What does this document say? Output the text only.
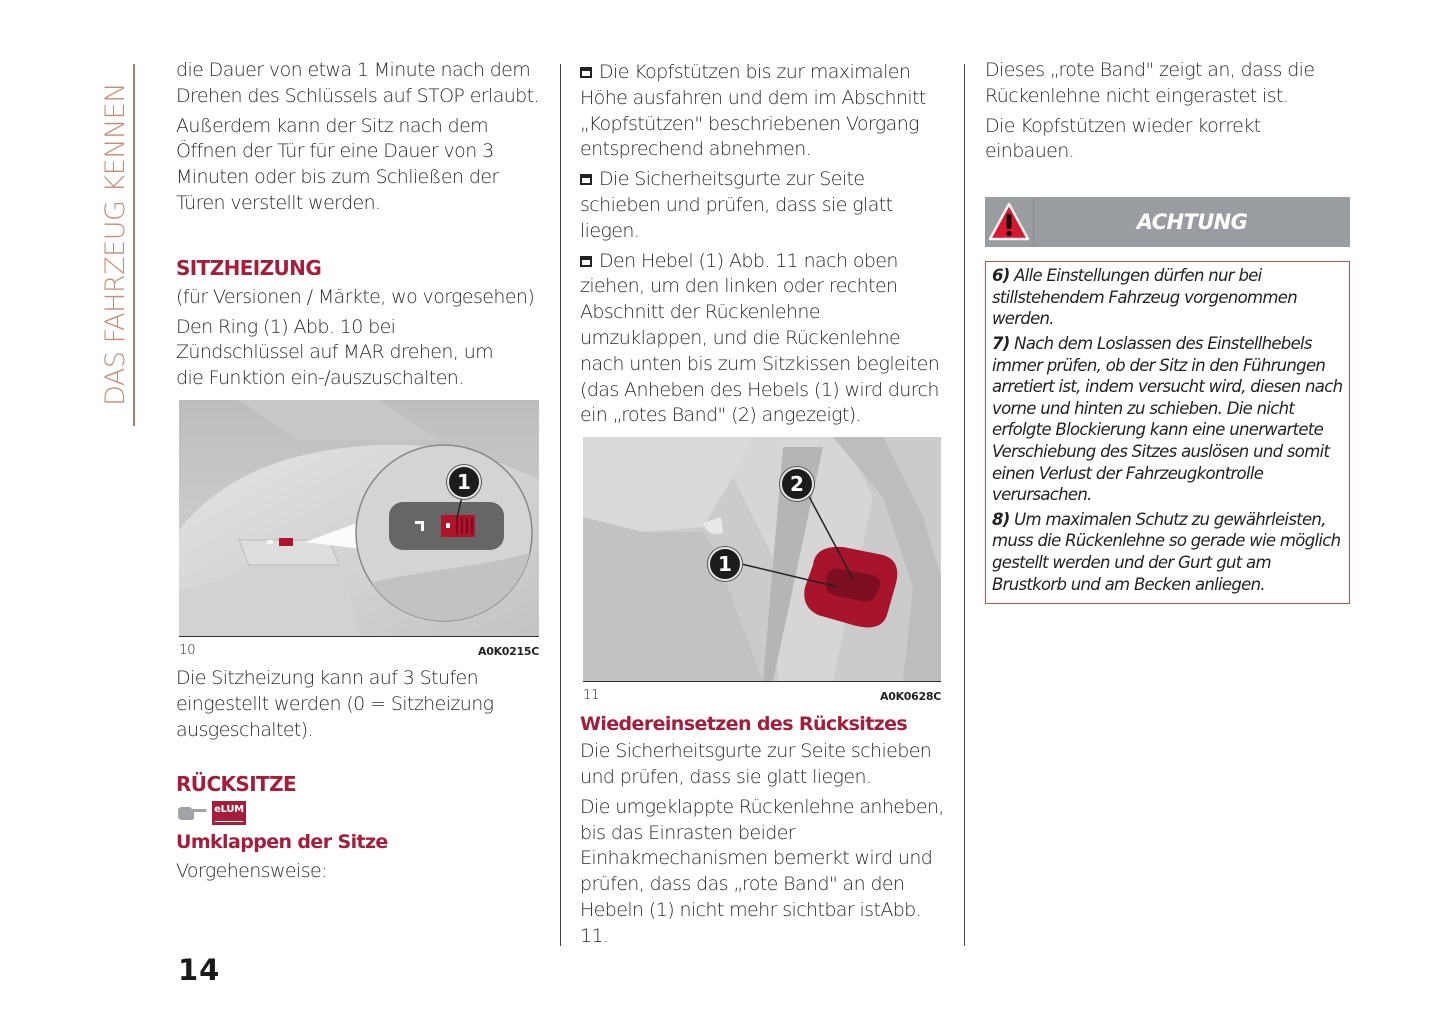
DAS FAHRZEUG KENNEN

die Dauer von etwa 1 Minute nach dem Drehen des Schlüssels auf STOP erlaubt.

Außerdem kann der Sitz nach dem Öffnen der Tür für eine Dauer von 3 Minuten oder bis zum Schließen der Türen verstellt werden.

SITZHEIZUNG

(für Versionen / Märkte, wo vorgesehen)

Den Ring (1) Abb. 10 bei Zündschlüssel auf MAR drehen, um die Funktion ein-/auszuschalten.

1
10	A0K0215C

Die Sitzheizung kann auf 3 Stufen eingestellt werden (0 = Sitzheizung ausgeschaltet).

RÜCKSITZE
eLUM
Umklappen der Sitze

Vorgehensweise:

Die Kopfstützen bis zur maximalen Höhe ausfahren und dem im Abschnitt „Kopfstützen" beschriebenen Vorgang entsprechend abnehmen.

Die Sicherheitsgurte zur Seite schieben und prüfen, dass sie glatt liegen.

Den Hebel (1) Abb. 11 nach oben ziehen, um den linken oder rechten Abschnitt der Rückenlehne umzuklappen, und die Rückenlehne nach unten bis zum Sitzkissen begleiten (das Anheben des Hebels (1) wird durch ein „rotes Band" (2) angezeigt).

2
1
11	A0K0628C
Wiedereinsetzen des Rücksitzes

Die Sicherheitsgurte zur Seite schieben und prüfen, dass sie glatt liegen.

Die umgeklappte Rückenlehne anheben, bis das Einrasten beider Einhakmechanismen bemerkt wird und prüfen, dass das „rote Band" an den Hebeln (1) nicht mehr sichtbar istAbb. 11.

Dieses „rote Band" zeigt an, dass die Rückenlehne nicht eingerastet ist.

Die Kopfstützen wieder korrekt einbauen.

ACHTUNG

6) Alle Einstellungen dürfen nur bei stillstehendem Fahrzeug vorgenommen werden.

7) Nach dem Loslassen des Einstellhebels immer prüfen, ob der Sitz in den Führungen arretiert ist, indem versucht wird, diesen nach vorne und hinten zu schieben. Die nicht erfolgte Blockierung kann eine unerwartete Verschiebung des Sitzes auslösen und somit einen Verlust der Fahrzeugkontrolle verursachen.

8) Um maximalen Schutz zu gewährleisten, muss die Rückenlehne so gerade wie möglich gestellt werden und der Gurt gut am Brustkorb und am Becken anliegen.

14
